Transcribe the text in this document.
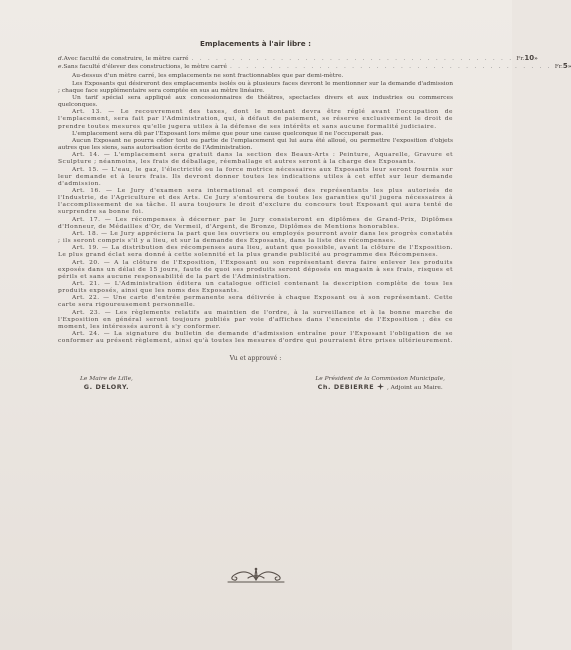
Emplacements à l'air libre :
d. Avec faculté de construire, le mètre carré . . . . . . . . . . . . . . . . . . . . . . . . . . . . . . . . . . . . . . . . Fr. 10 »
e. Sans faculté d'élever des constructions, le mètre carré . . . . . . . . . . . . . . . . . . . . . . . . . . . . . . . . . . . . . . . . Fr. 5

Au-dessus d'un mètre carré, les emplacements ne sont fractionnables que par demi-mètre.

Les Exposants qui désireront des emplacements isolés ou à plusieurs faces devront le mentionner sur la demande d'admission ; chaque face supplémentaire sera comptée en sus au mètre linéaire.

Un tarif spécial sera appliqué aux concessionnaires de théâtres, spectacles divers et aux industries ou commerces quelconques.

Art. 13. — Le recouvrement des taxes, dont le montant devra être réglé avant l'occupation de l'emplacement, sera fait par l'Administration, qui, à défaut de paiement, se réserve exclusivement le droit de prendre toutes mesures qu'elle jugera utiles à la défense de ses intérêts et sans aucune formalité judiciaire.

L'emplacement sera dû par l'Exposant lors même que pour une cause quelconque il ne l'occuperait pas.

Aucun Exposant ne pourra céder tout ou partie de l'emplacement qui lui aura été alloué, ou permettre l'exposition d'objets autres que les siens, sans autorisation écrite de l'Administration.

Art. 14. — L'emplacement sera gratuit dans la section des Beaux-Arts : Peinture, Aquarelle, Gravure et Sculpture ; néanmoins, les frais de déballage, réemballage et autres seront à la charge des Exposants.

Art. 15. — L'eau, le gaz, l'électricité ou la force motrice nécessaires aux Exposants leur seront fournis sur leur demande et à leurs frais. Ils devront donner toutes les indications utiles à cet effet sur leur demande d'admission.

Art. 16. — Le Jury d'examen sera international et composé des représentants les plus autorisés de l'Industrie, de l'Agriculture et des Arts. Ce Jury s'entourera de toutes les garanties qu'il jugera nécessaires à l'accomplissement de sa tâche. Il aura toujours le droit d'exclure du concours tout Exposant qui aura tenté de surprendre sa bonne foi.

Art. 17. — Les récompenses à décerner par le Jury consisteront en diplômes de Grand-Prix, Diplômes d'Honneur, de Médailles d'Or, de Vermeil, d'Argent, de Bronze, Diplômes de Mentions honorables.

Art. 18. — Le Jury appréciera la part que les ouvriers ou employés pourront avoir dans les progrès constatés ; ils seront compris s'il y a lieu, et sur la demande des Exposants, dans la liste des récompenses.

Art. 19. — La distribution des récompenses aura lieu, autant que possible, avant la clôture de l'Exposition. Le plus grand éclat sera donné à cette solennité et la plus grande publicité au programme des Récompenses.

Art. 20. — A la clôture de l'Exposition, l'Exposant ou son représentant devra faire enlever les produits exposés dans un délai de 15 jours, faute de quoi ses produits seront déposés en magasin à ses frais, risques et périls et sans aucune responsabilité de la part de l'Administration.

Art. 21. — L'Administration éditera un catalogue officiel contenant la description complète de tous les produits exposés, ainsi que les noms des Exposants.

Art. 22. — Une carte d'entrée permanente sera délivrée à chaque Exposant ou à son représentant. Cette carte sera rigoureusement personnelle.

Art. 23. — Les règlements relatifs au maintien de l'ordre, à la surveillance et à la bonne marche de l'Exposition en général seront toujours publiés par voie d'affiches dans l'enceinte de l'Exposition ; dès ce moment, les intéressés auront à s'y conformer.

Art. 24. — La signature du bulletin de demande d'admission entraîne pour l'Exposant l'obligation de se conformer au présent règlement, ainsi qu'à toutes les mesures d'ordre qui pourraient être prises ultérieurement.

Vu et approuvé :
Le Maire de Lille,
G. DELORY.
Le Président de la Commission Municipale,
Ch. DEBIERRE , Adjoint au Maire.
